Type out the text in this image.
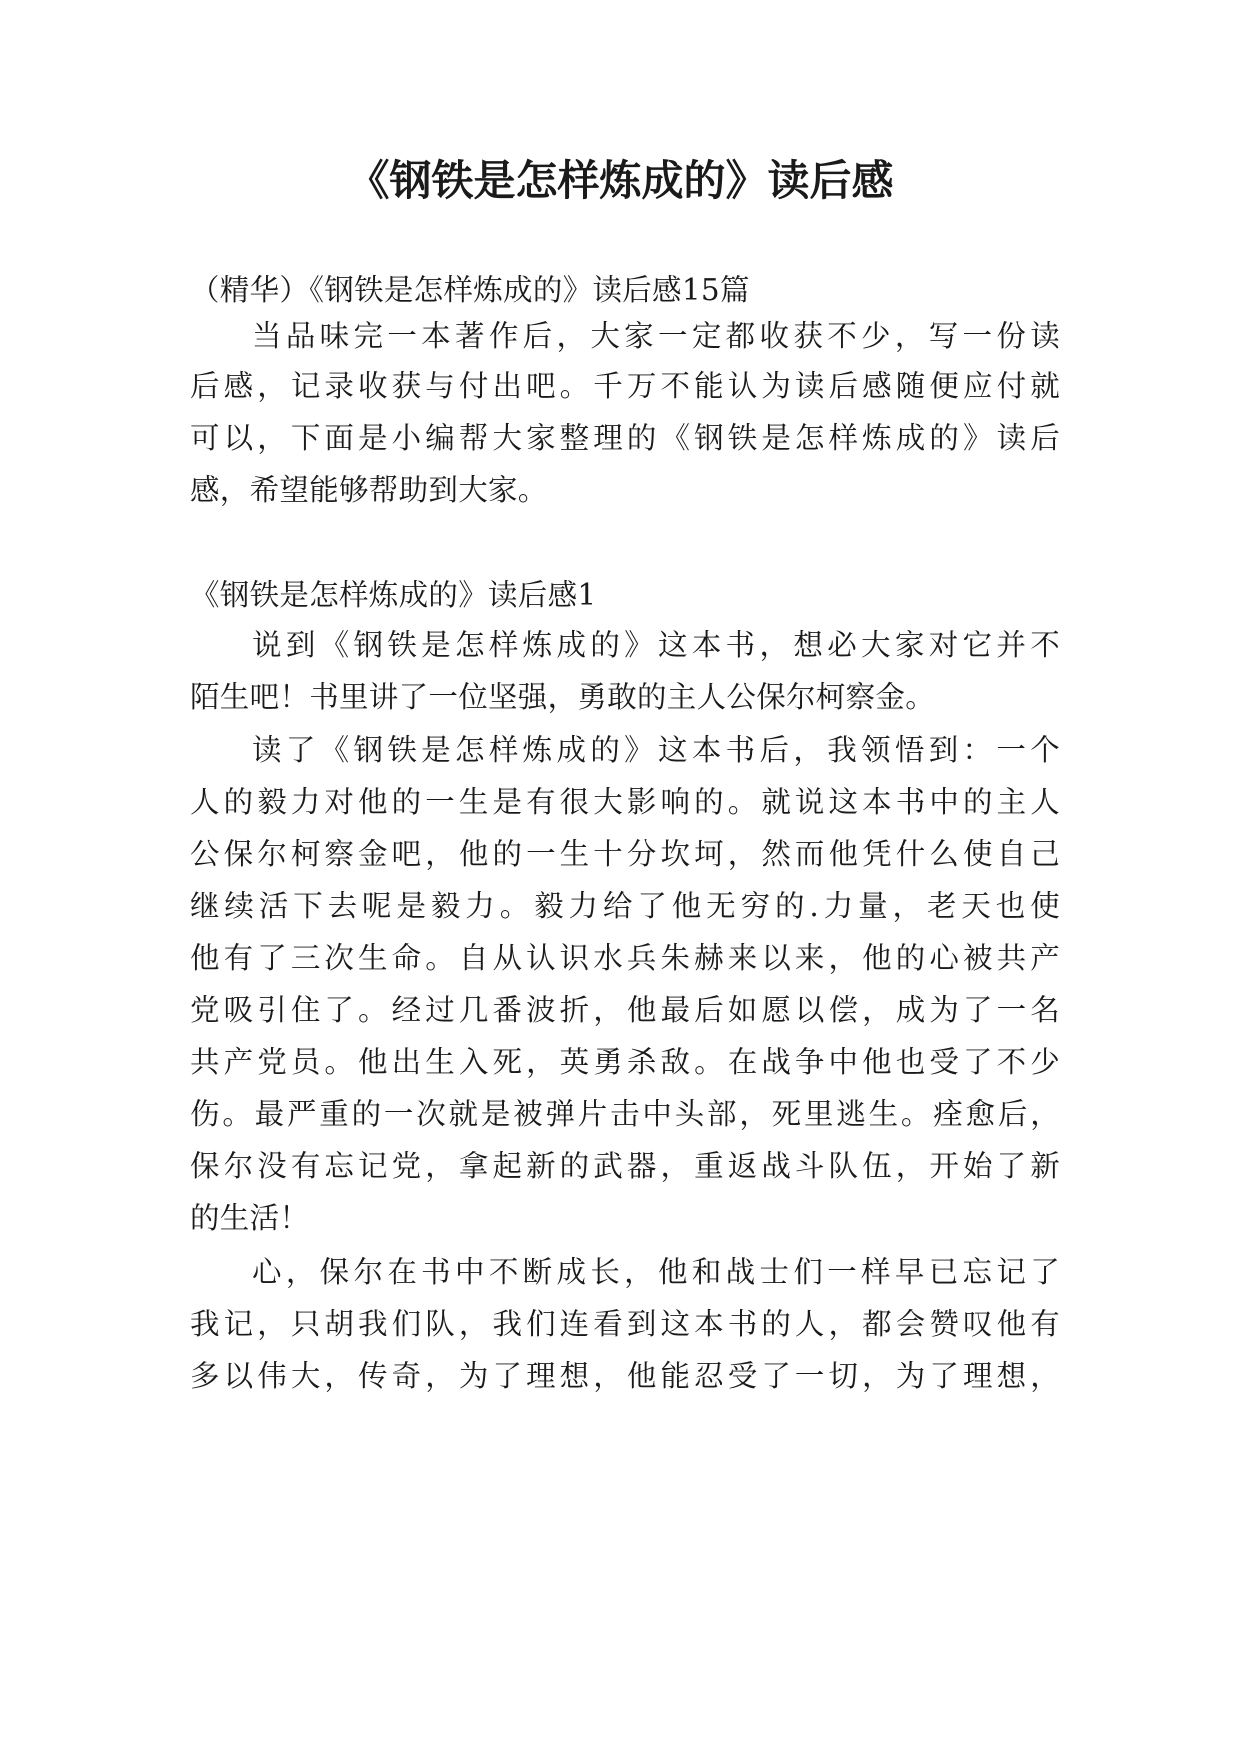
《钢铁是怎样炼成的》读后感

（精华）《钢铁是怎样炼成的》读后感15篇

当品味完一本著作后，大家一定都收获不少，写一份读

后感，记录收获与付出吧。千万不能认为读后感随便应付就

可以，下面是小编帮大家整理的《钢铁是怎样炼成的》读后

感，希望能够帮助到大家。

《钢铁是怎样炼成的》读后感1

说到《钢铁是怎样炼成的》这本书，想必大家对它并不

陌生吧！书里讲了一位坚强，勇敢的主人公保尔柯察金。

读了《钢铁是怎样炼成的》这本书后，我领悟到：一个

人的毅力对他的一生是有很大影响的。就说这本书中的主人

公保尔柯察金吧，他的一生十分坎坷，然而他凭什么使自己

继续活下去呢是毅力。毅力给了他无穷的.力量，老天也使

他有了三次生命。自从认识水兵朱赫来以来，他的心被共产

党吸引住了。经过几番波折，他最后如愿以偿，成为了一名

共产党员。他出生入死，英勇杀敌。在战争中他也受了不少

伤。最严重的一次就是被弹片击中头部，死里逃生。痊愈后，

保尔没有忘记党，拿起新的武器，重返战斗队伍，开始了新

的生活！

心，保尔在书中不断成长，他和战士们一样早已忘记了

我记，只胡我们队，我们连看到这本书的人，都会赞叹他有

多以伟大，传奇，为了理想，他能忍受了一切，为了理想，
